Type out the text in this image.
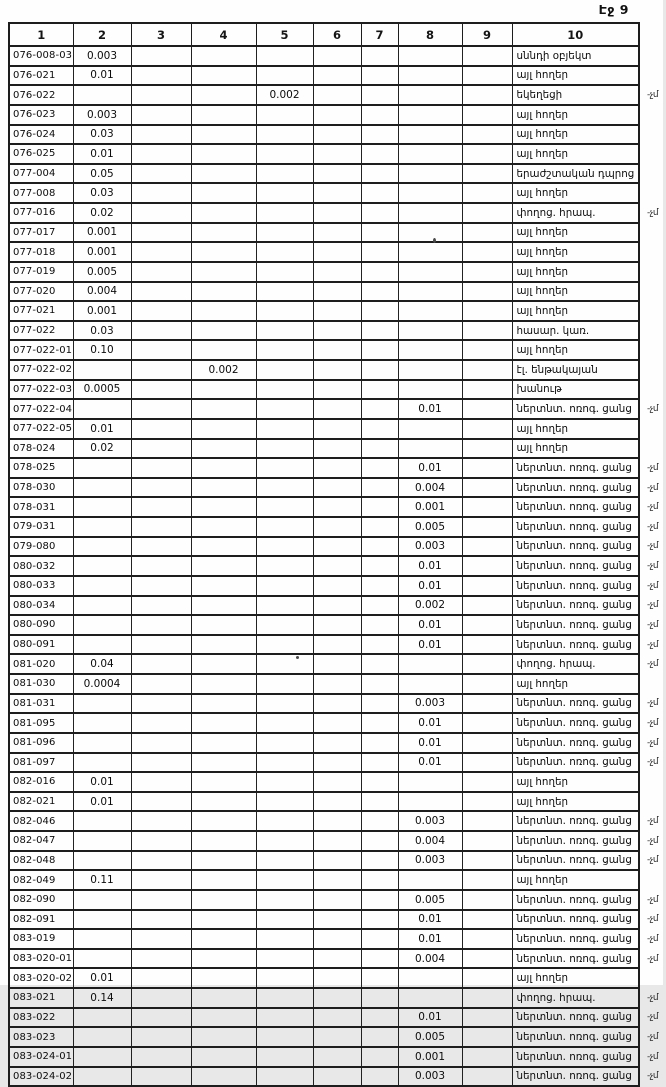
Էջ 9
1	2	3	4	5	6	7	8	9	10	
076-008-03	0.003								սննդի օբյեկտ	
076-021	0.01								այլ հողեր	
076-022				0.002					եկեղեցի	-չմ
076-023	0.003								այլ հողեր	
076-024	0.03								այլ հողեր	
076-025	0.01								այլ հողեր	
077-004	0.05								երաժշտական դպրոց	
077-008	0.03								այլ հողեր	
077-016	0.02								փողոց. հրապ.	-չմ
077-017	0.001								այլ հողեր	
077-018	0.001								այլ հողեր	
077-019	0.005								այլ հողեր	
077-020	0.004								այլ հողեր	
077-021	0.001								այլ հողեր	
077-022	0.03								հասար. կառ.	
077-022-01	0.10								այլ հողեր	
077-022-02			0.002						էլ. ենթակայան	
077-022-03	0.0005								խանութ	
077-022-04							0.01		ներտնտ. ոռոգ. ցանց	-չմ
077-022-05	0.01								այլ հողեր	
078-024	0.02								այլ հողեր	
078-025							0.01		ներտնտ. ոռոգ. ցանց	-չմ
078-030							0.004		ներտնտ. ոռոգ. ցանց	-չմ
078-031							0.001		ներտնտ. ոռոգ. ցանց	-չմ
079-031							0.005		ներտնտ. ոռոգ. ցանց	-չմ
079-080							0.003		ներտնտ. ոռոգ. ցանց	-չմ
080-032							0.01		ներտնտ. ոռոգ. ցանց	-չմ
080-033							0.01		ներտնտ. ոռոգ. ցանց	-չմ
080-034							0.002		ներտնտ. ոռոգ. ցանց	-չմ
080-090							0.01		ներտնտ. ոռոգ. ցանց	-չմ
080-091							0.01		ներտնտ. ոռոգ. ցանց	-չմ
081-020	0.04								փողոց. հրապ.	-չմ
081-030	0.0004								այլ հողեր	
081-031							0.003		ներտնտ. ոռոգ. ցանց	-չմ
081-095							0.01		ներտնտ. ոռոգ. ցանց	-չմ
081-096							0.01		ներտնտ. ոռոգ. ցանց	-չմ
081-097							0.01		ներտնտ. ոռոգ. ցանց	-չմ
082-016	0.01								այլ հողեր	
082-021	0.01								այլ հողեր	
082-046							0.003		ներտնտ. ոռոգ. ցանց	-չմ
082-047							0.004		ներտնտ. ոռոգ. ցանց	-չմ
082-048							0.003		ներտնտ. ոռոգ. ցանց	-չմ
082-049	0.11								այլ հողեր	
082-090							0.005		ներտնտ. ոռոգ. ցանց	-չմ
082-091							0.01		ներտնտ. ոռոգ. ցանց	-չմ
083-019							0.01		ներտնտ. ոռոգ. ցանց	-չմ
083-020-01							0.004		ներտնտ. ոռոգ. ցանց	-չմ
083-020-02	0.01								այլ հողեր	
083-021	0.14								փողոց. հրապ.	-չմ
083-022							0.01		ներտնտ. ոռոգ. ցանց	-չմ
083-023							0.005		ներտնտ. ոռոգ. ցանց	-չմ
083-024-01							0.001		ներտնտ. ոռոգ. ցանց	-չմ
083-024-02							0.003		ներտնտ. ոռոգ. ցանց	-չմ
